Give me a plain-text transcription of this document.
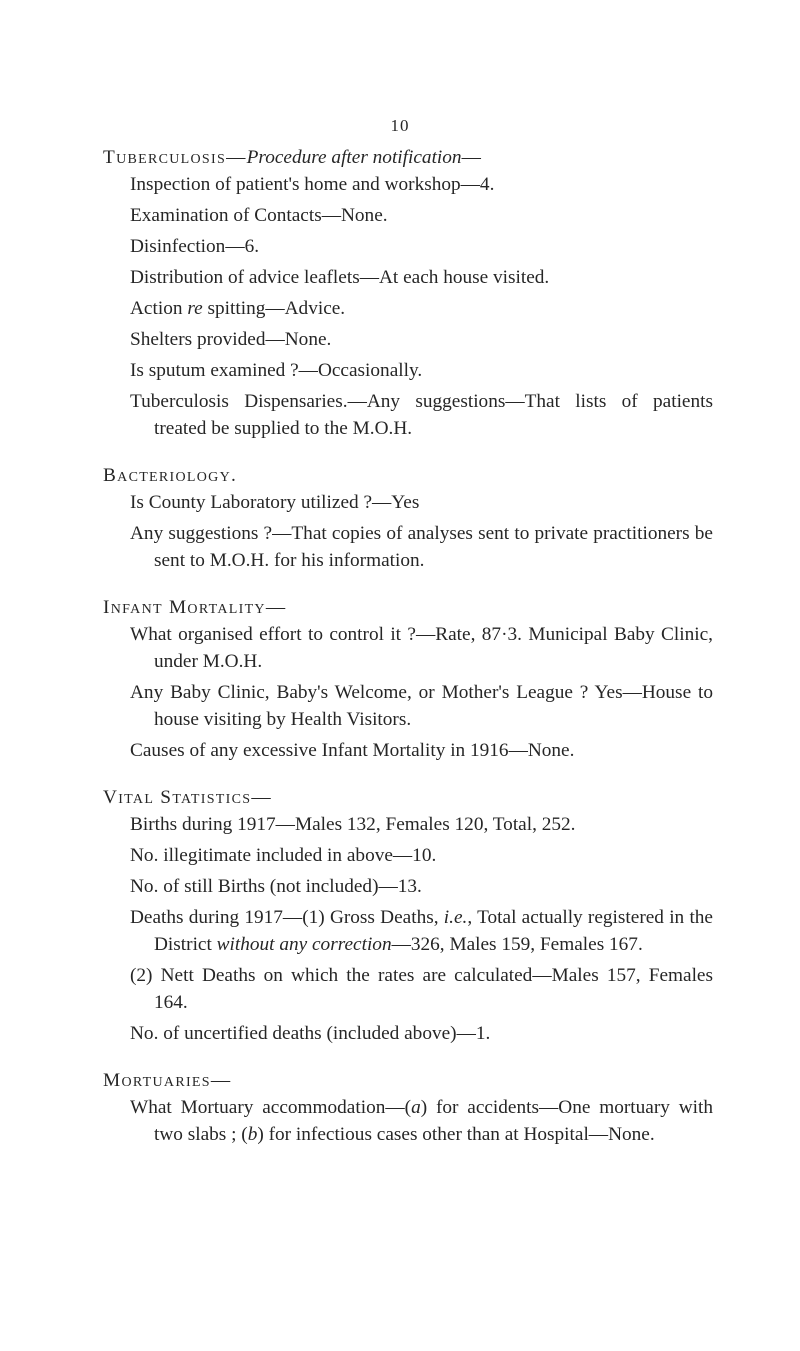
10

Tuberculosis—Procedure after notification—

Inspection of patient's home and workshop—4.

Examination of Contacts—None.

Disinfection—6.

Distribution of advice leaflets—At each house visited.

Action re spitting—Advice.

Shelters provided—None.

Is sputum examined ?—Occasionally.

Tuberculosis Dispensaries.—Any suggestions—That lists of patients treated be supplied to the M.O.H.

Bacteriology.

Is County Laboratory utilized ?—Yes

Any suggestions ?—That copies of analyses sent to private practitioners be sent to M.O.H. for his information.

Infant Mortality—

What organised effort to control it ?—Rate, 87·3. Municipal Baby Clinic, under M.O.H.

Any Baby Clinic, Baby's Welcome, or Mother's League ? Yes—House to house visiting by Health Visitors.

Causes of any excessive Infant Mortality in 1916—None.

Vital Statistics—

Births during 1917—Males 132, Females 120, Total, 252.

No. illegitimate included in above—10.

No. of still Births (not included)—13.

Deaths during 1917—(1) Gross Deaths, i.e., Total actually registered in the District without any correction—326, Males 159, Females 167.

(2) Nett Deaths on which the rates are calculated—Males 157, Females 164.

No. of uncertified deaths (included above)—1.

Mortuaries—

What Mortuary accommodation—(a) for accidents—One mortuary with two slabs ; (b) for infectious cases other than at Hospital—None.
